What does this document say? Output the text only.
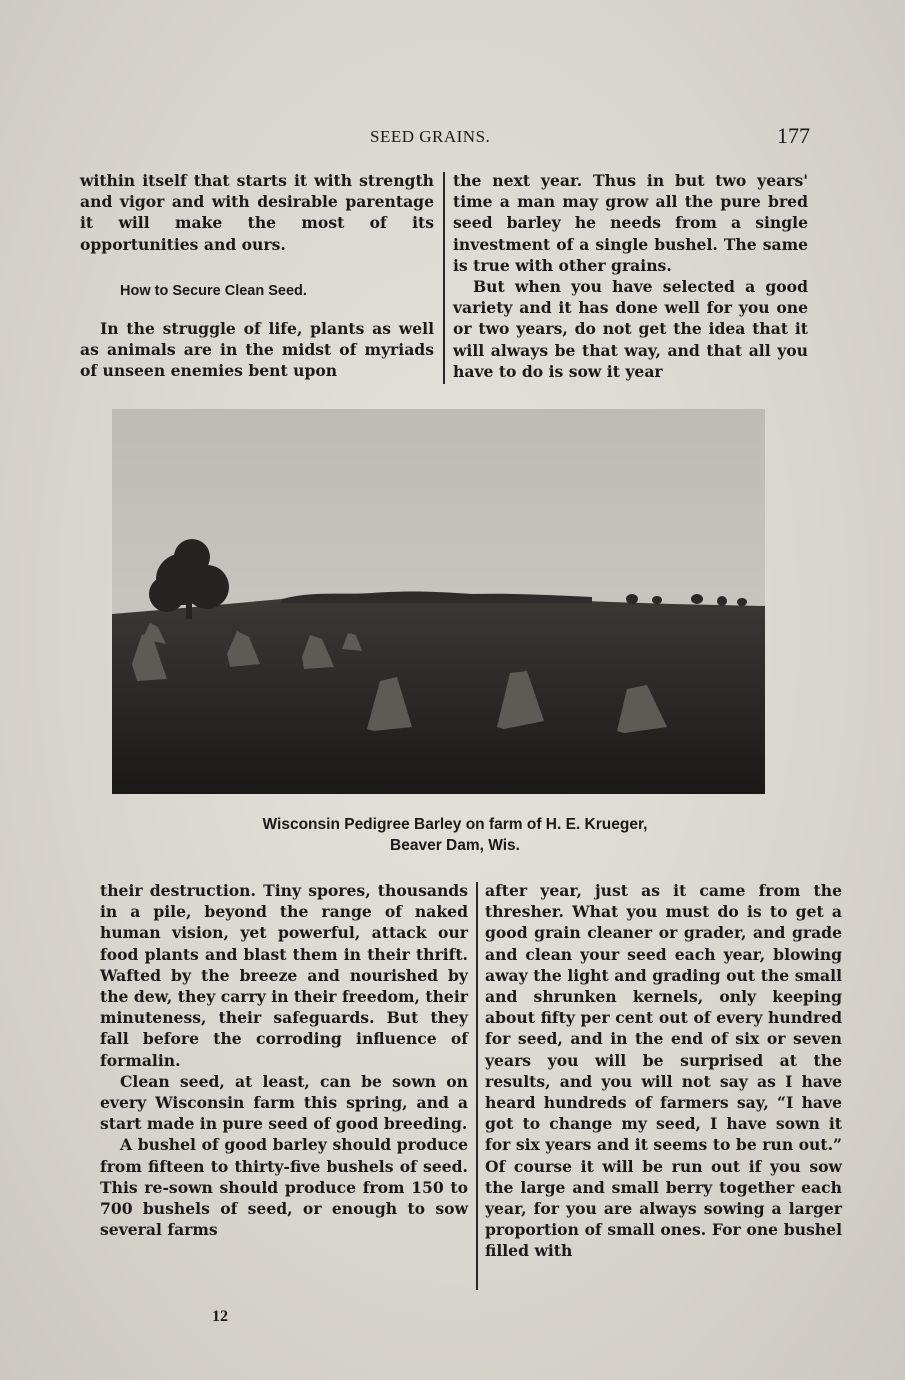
SEED GRAINS.	177

within itself that starts it with strength and vigor and with desirable parentage it will make the most of its opportunities and ours.

How to Secure Clean Seed.

In the struggle of life, plants as well as animals are in the midst of myriads of unseen enemies bent upon

the next year. Thus in but two years' time a man may grow all the pure bred seed barley he needs from a single investment of a single bushel. The same is true with other grains.

But when you have selected a good variety and it has done well for you one or two years, do not get the idea that it will always be that way, and that all you have to do is sow it year

Wisconsin Pedigree Barley on farm of H. E. Krueger,
Beaver Dam, Wis.

their destruction. Tiny spores, thousands in a pile, beyond the range of naked human vision, yet powerful, attack our food plants and blast them in their thrift. Wafted by the breeze and nourished by the dew, they carry in their freedom, their minuteness, their safeguards. But they fall before the corroding influence of formalin.

Clean seed, at least, can be sown on every Wisconsin farm this spring, and a start made in pure seed of good breeding.

A bushel of good barley should produce from fifteen to thirty-five bushels of seed. This re-sown should produce from 150 to 700 bushels of seed, or enough to sow several farms

after year, just as it came from the thresher. What you must do is to get a good grain cleaner or grader, and grade and clean your seed each year, blowing away the light and grading out the small and shrunken kernels, only keeping about fifty per cent out of every hundred for seed, and in the end of six or seven years you will be surprised at the results, and you will not say as I have heard hundreds of farmers say, “I have got to change my seed, I have sown it for six years and it seems to be run out.” Of course it will be run out if you sow the large and small berry together each year, for you are always sowing a larger proportion of small ones. For one bushel filled with

12
